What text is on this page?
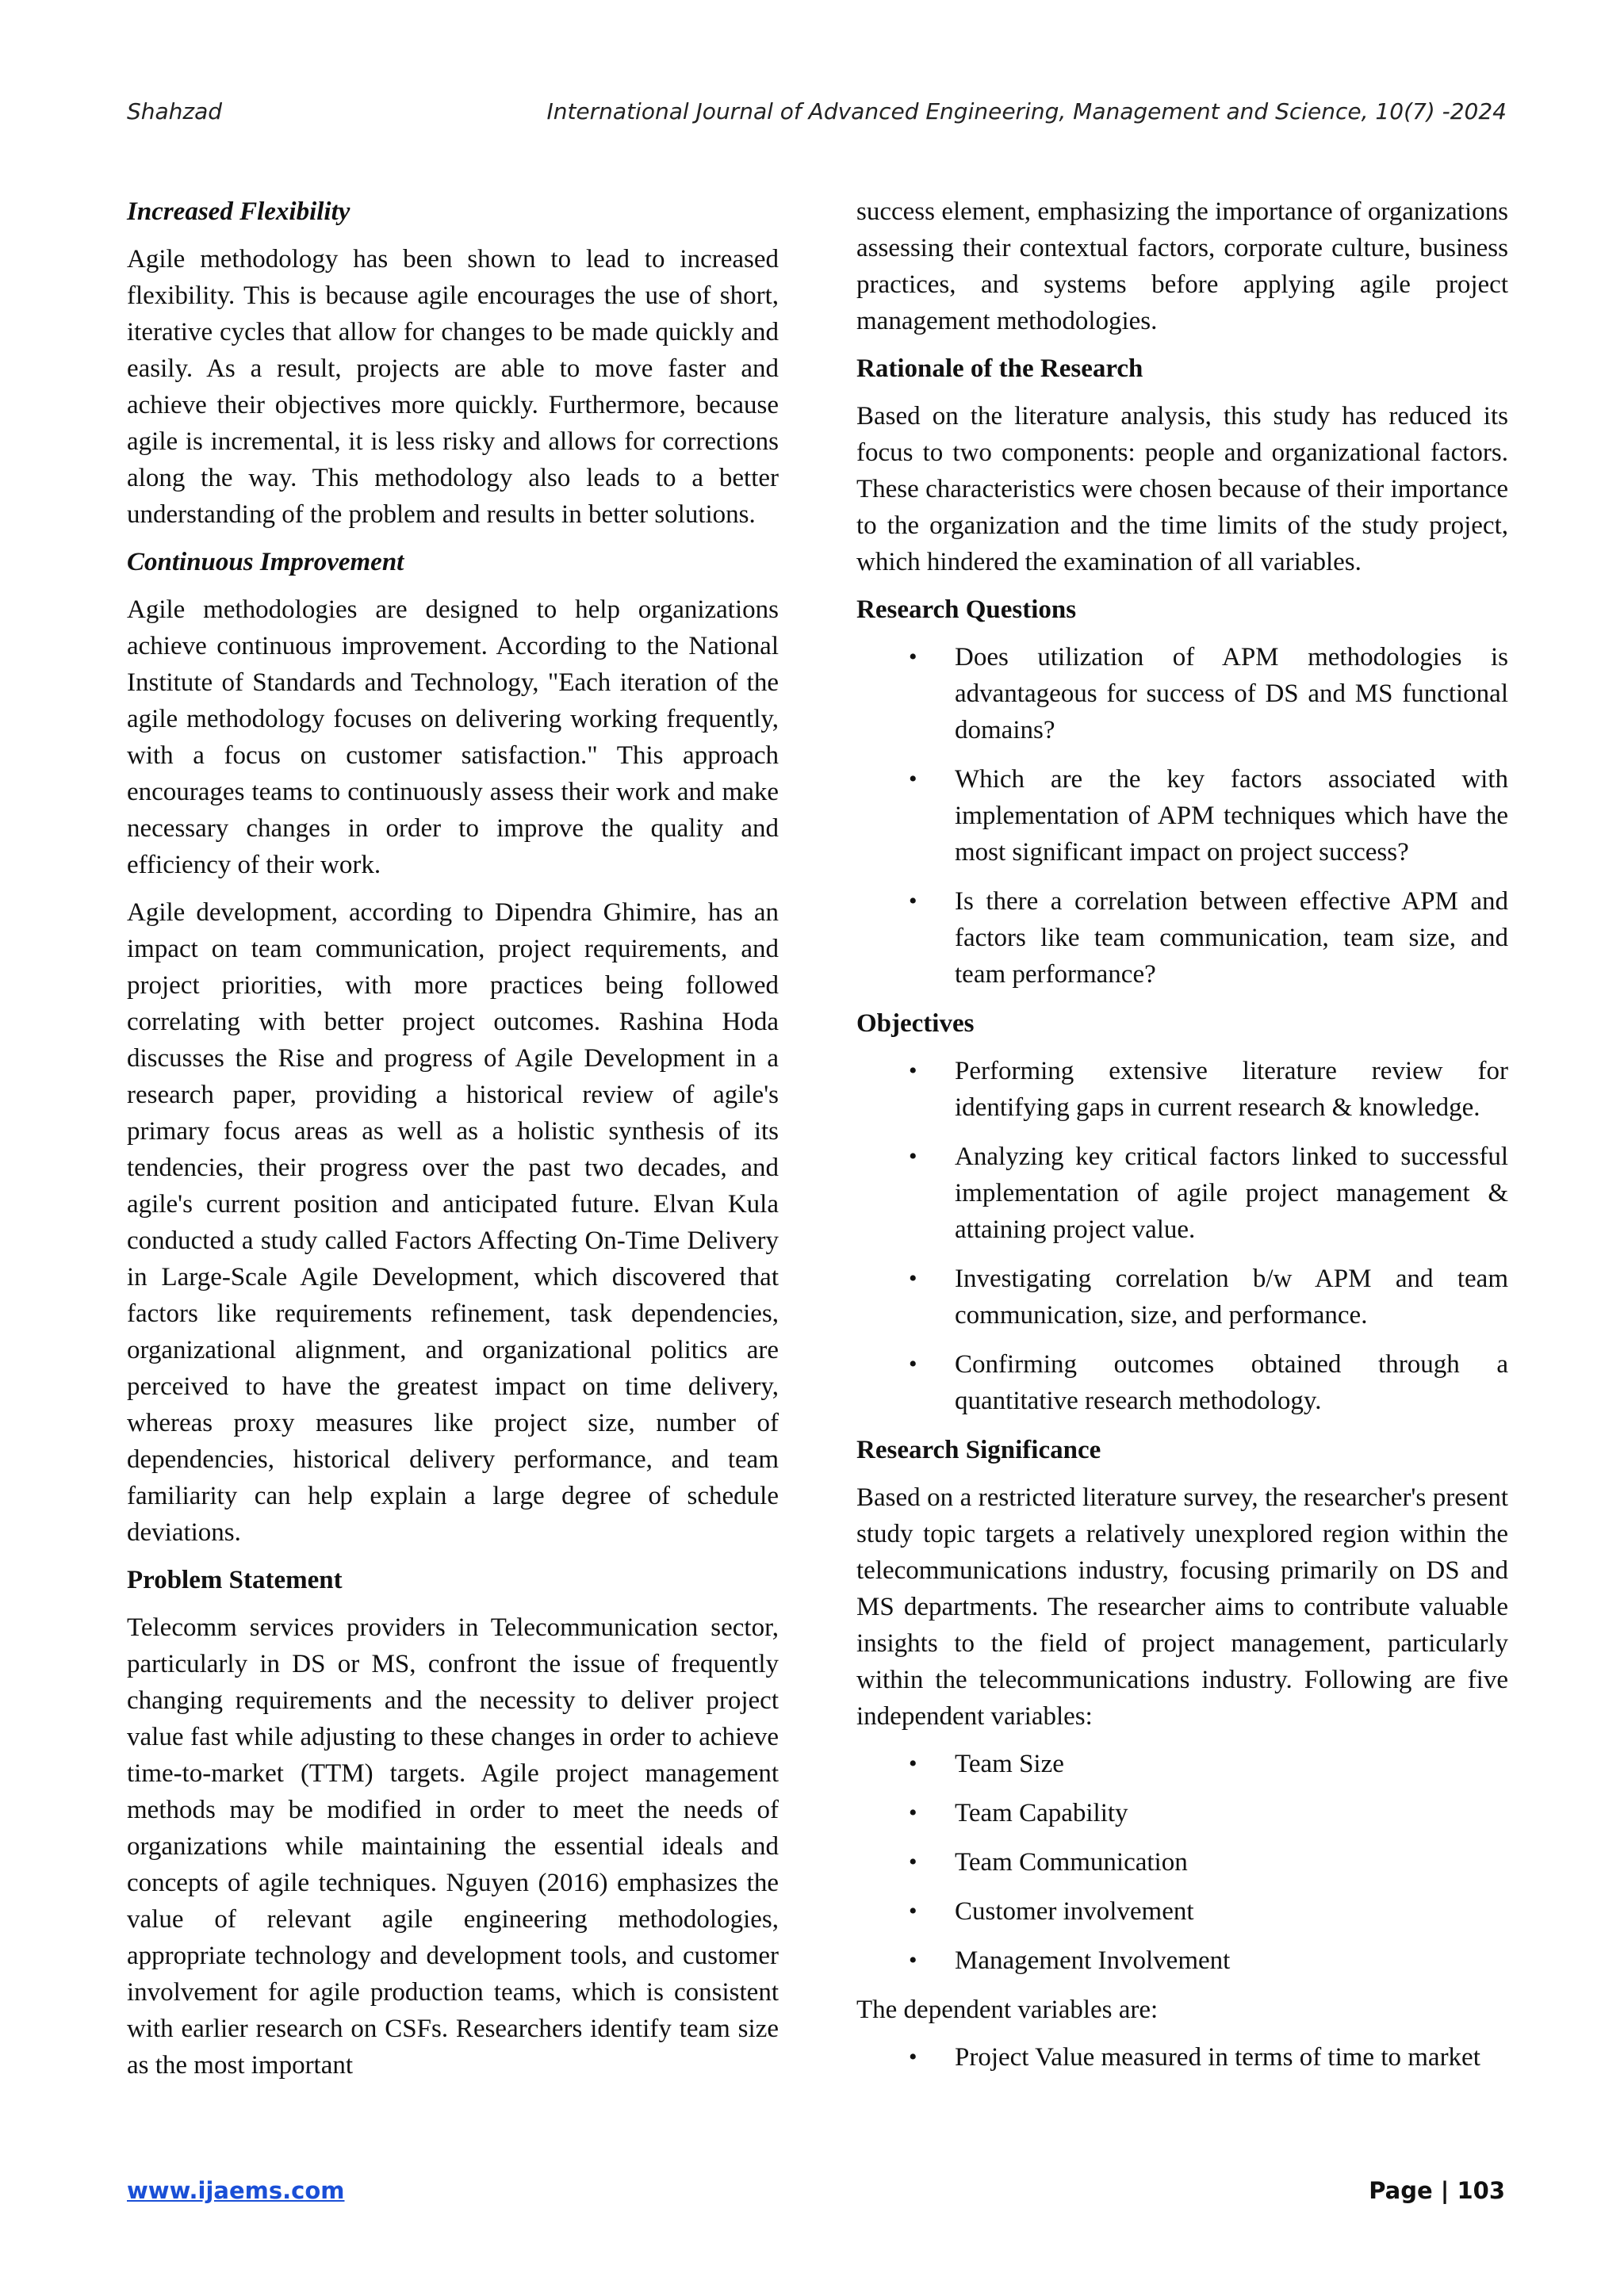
Shahzad	International Journal of Advanced Engineering, Management and Science, 10(7) -2024

Increased Flexibility

Agile methodology has been shown to lead to increased flexibility. This is because agile encourages the use of short, iterative cycles that allow for changes to be made quickly and easily. As a result, projects are able to move faster and achieve their objectives more quickly. Furthermore, because agile is incremental, it is less risky and allows for corrections along the way. This methodology also leads to a better understanding of the problem and results in better solutions.

Continuous Improvement

Agile methodologies are designed to help organizations achieve continuous improvement. According to the National Institute of Standards and Technology, "Each iteration of the agile methodology focuses on delivering working frequently, with a focus on customer satisfaction." This approach encourages teams to continuously assess their work and make necessary changes in order to improve the quality and efficiency of their work.

Agile development, according to Dipendra Ghimire, has an impact on team communication, project requirements, and project priorities, with more practices being followed correlating with better project outcomes. Rashina Hoda discusses the Rise and progress of Agile Development in a research paper, providing a historical review of agile's primary focus areas as well as a holistic synthesis of its tendencies, their progress over the past two decades, and agile's current position and anticipated future. Elvan Kula conducted a study called Factors Affecting On-Time Delivery in Large-Scale Agile Development, which discovered that factors like requirements refinement, task dependencies, organizational alignment, and organizational politics are perceived to have the greatest impact on time delivery, whereas proxy measures like project size, number of dependencies, historical delivery performance, and team familiarity can help explain a large degree of schedule deviations.

Problem Statement

Telecomm services providers in Telecommunication sector, particularly in DS or MS, confront the issue of frequently changing requirements and the necessity to deliver project value fast while adjusting to these changes in order to achieve time-to-market (TTM) targets. Agile project management methods may be modified in order to meet the needs of organizations while maintaining the essential ideals and concepts of agile techniques. Nguyen (2016) emphasizes the value of relevant agile engineering methodologies, appropriate technology and development tools, and customer involvement for agile production teams, which is consistent with earlier research on CSFs. Researchers identify team size as the most important

success element, emphasizing the importance of organizations assessing their contextual factors, corporate culture, business practices, and systems before applying agile project management methodologies.

Rationale of the Research

Based on the literature analysis, this study has reduced its focus to two components: people and organizational factors. These characteristics were chosen because of their importance to the organization and the time limits of the study project, which hindered the examination of all variables.

Research Questions
• Does utilization of APM methodologies is advantageous for success of DS and MS functional domains?
• Which are the key factors associated with implementation of APM techniques which have the most significant impact on project success?
• Is there a correlation between effective APM and factors like team communication, team size, and team performance?
Objectives
• Performing extensive literature review for identifying gaps in current research & knowledge.
• Analyzing key critical factors linked to successful implementation of agile project management & attaining project value.
• Investigating correlation b/w APM and team communication, size, and performance.
• Confirming outcomes obtained through a quantitative research methodology.
Research Significance

Based on a restricted literature survey, the researcher's present study topic targets a relatively unexplored region within the telecommunications industry, focusing primarily on DS and MS departments. The researcher aims to contribute valuable insights to the field of project management, particularly within the telecommunications industry. Following are five independent variables:

• Team Size
• Team Capability
• Team Communication
• Customer involvement
• Management Involvement

The dependent variables are:

• Project Value measured in terms of time to market
www.ijaems.com	Page | 103
